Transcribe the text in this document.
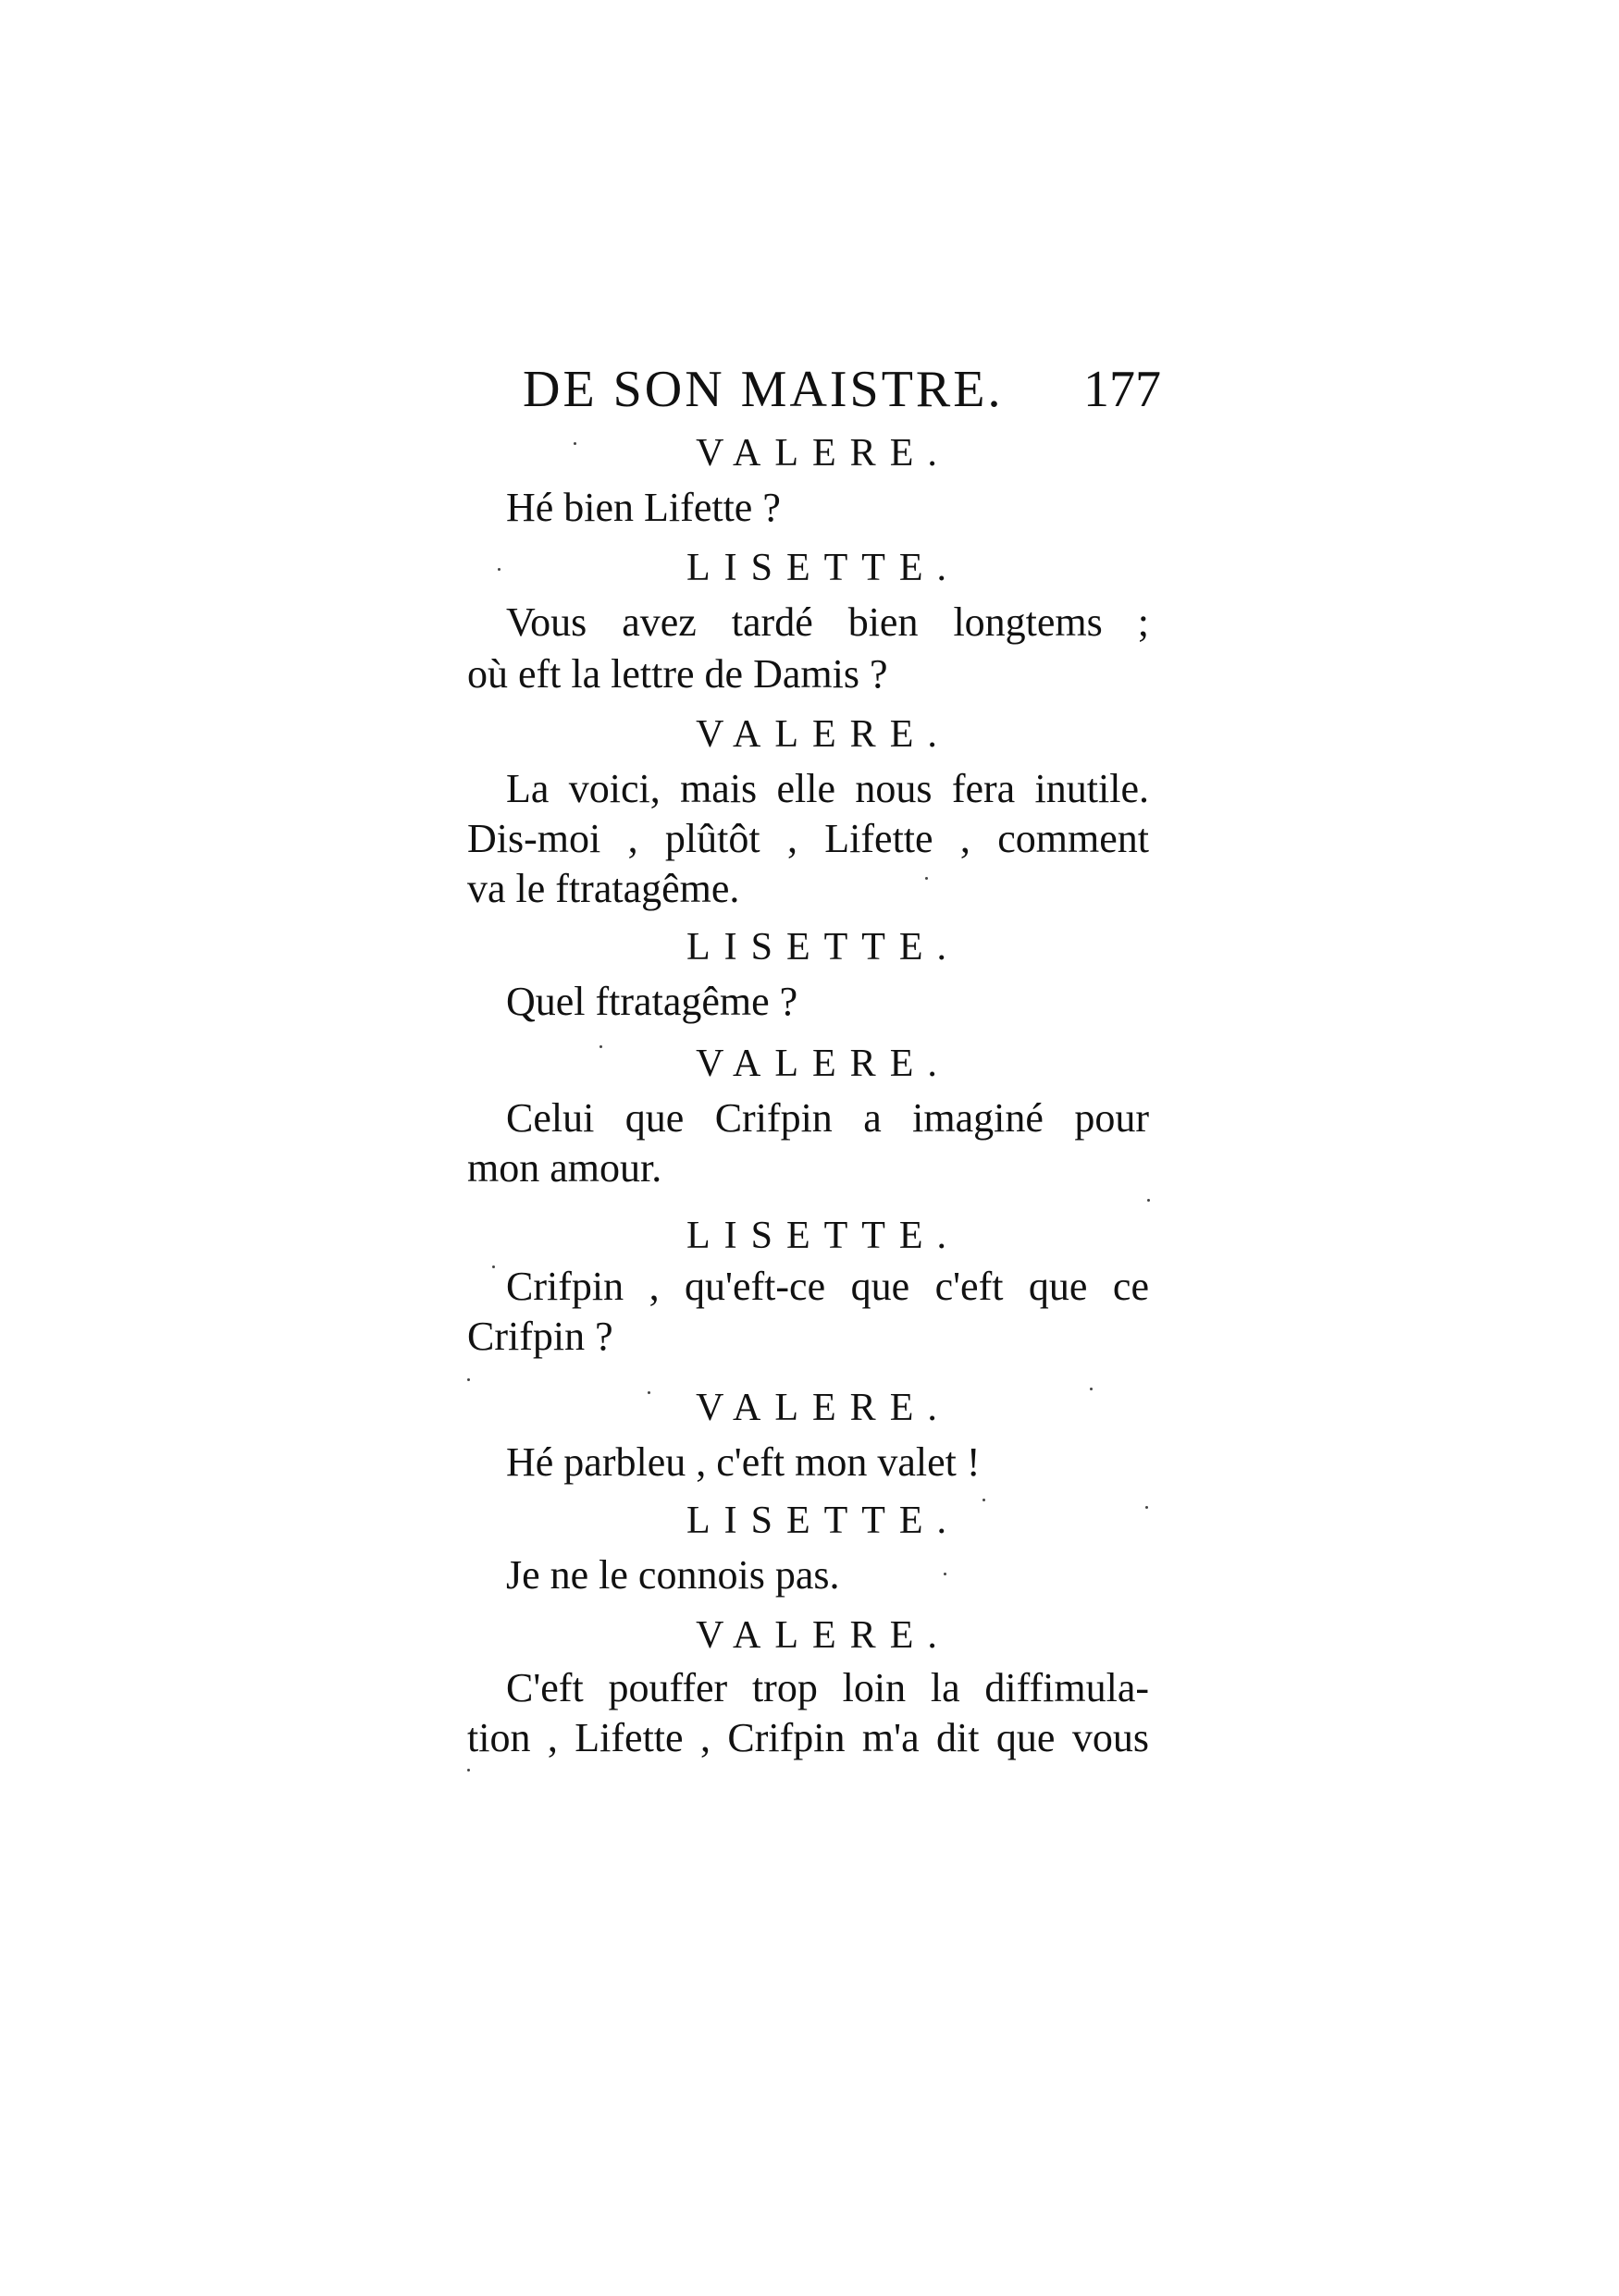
DE SON MAISTRE. 177
VALERE.
Hé bien Lifette ?
LISETTE.
Vous avez tardé bien longtems ;
où eft la lettre de Damis ?
VALERE.
La voici, mais elle nous fera inutile.
Dis-moi , plûtôt , Lifette , comment
va le ftratagême.
LISETTE.
Quel ftratagême ?
VALERE.
Celui que Crifpin a imaginé pour
mon amour.
LISETTE.
Crifpin , qu'eft-ce que c'eft que ce
Crifpin ?
VALERE.
Hé parbleu , c'eft mon valet !
LISETTE.
Je ne le connois pas.
VALERE.
C'eft pouffer trop loin la diffimula-
tion , Lifette , Crifpin m'a dit que vous
